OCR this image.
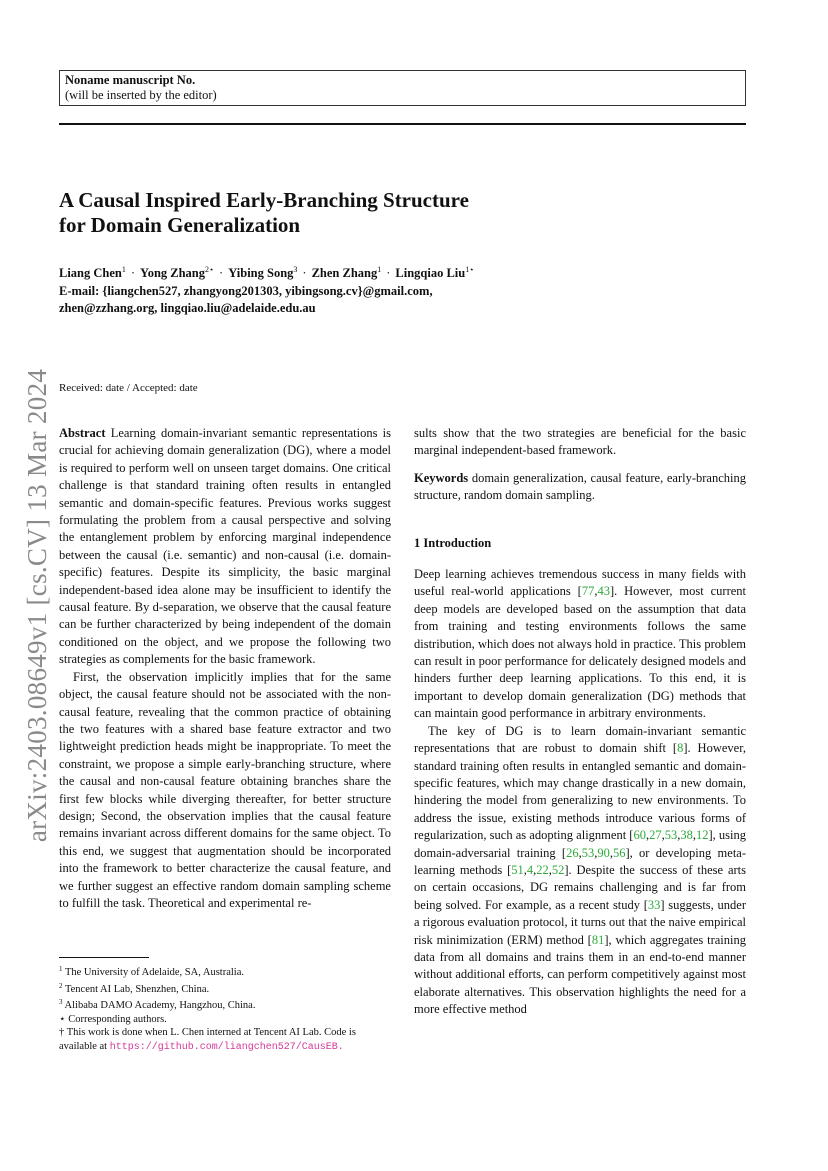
arXiv:2403.08649v1 [cs.CV] 13 Mar 2024
Noname manuscript No.
(will be inserted by the editor)
A Causal Inspired Early-Branching Structure
for Domain Generalization
Liang Chen$^1$ · Yong Zhang$^{2⋆}$ · Yibing Song$^3$ · Zhen Zhang$^1$ · Lingqiao Liu$^{1⋆}$
E-mail: {liangchen527, zhangyong201303, yibingsong.cv}@gmail.com,
zhen@zzhang.org, lingqiao.liu@adelaide.edu.au
Received: date / Accepted: date

Abstract Learning domain-invariant semantic representations is crucial for achieving domain generalization (DG), where a model is required to perform well on unseen target domains. One critical challenge is that standard training often results in entangled semantic and domain-specific features. Previous works suggest formulating the problem from a causal perspective and solving the entanglement problem by enforcing marginal independence between the causal (i.e. semantic) and non-causal (i.e. domain-specific) features. Despite its simplicity, the basic marginal independent-based idea alone may be insufficient to identify the causal feature. By d-separation, we observe that the causal feature can be further characterized by being independent of the domain conditioned on the object, and we propose the following two strategies as complements for the basic framework.

First, the observation implicitly implies that for the same object, the causal feature should not be associated with the non-causal feature, revealing that the common practice of obtaining the two features with a shared base feature extractor and two lightweight prediction heads might be inappropriate. To meet the constraint, we propose a simple early-branching structure, where the causal and non-causal feature obtaining branches share the first few blocks while diverging thereafter, for better structure design; Second, the observation implies that the causal feature remains invariant across different domains for the same object. To this end, we suggest that augmentation should be incorporated into the framework to better characterize the causal feature, and we further suggest an effective random domain sampling scheme to fulfill the task. Theoretical and experimental re-

sults show that the two strategies are beneficial for the basic marginal independent-based framework.

Keywords domain generalization, causal feature, early-branching structure, random domain sampling.

1 Introduction

Deep learning achieves tremendous success in many fields with useful real-world applications [77,43]. However, most current deep models are developed based on the assumption that data from training and testing environments follows the same distribution, which does not always hold in practice. This problem can result in poor performance for delicately designed models and hinders further deep learning applications. To this end, it is important to develop domain generalization (DG) methods that can maintain good performance in arbitrary environments.

The key of DG is to learn domain-invariant semantic representations that are robust to domain shift [8]. However, standard training often results in entangled semantic and domain-specific features, which may change drastically in a new domain, hindering the model from generalizing to new environments. To address the issue, existing methods introduce various forms of regularization, such as adopting alignment [60,27,53,38,12], using domain-adversarial training [26,53,90,56], or developing meta-learning methods [51,4,22,52]. Despite the success of these arts on certain occasions, DG remains challenging and is far from being solved. For example, as a recent study [33] suggests, under a rigorous evaluation protocol, it turns out that the naive empirical risk minimization (ERM) method [81], which aggregates training data from all domains and trains them in an end-to-end manner without additional efforts, can perform competitively against most elaborate alternatives. This observation highlights the need for a more effective method

$^1$ The University of Adelaide, SA, Australia.
$^2$ Tencent AI Lab, Shenzhen, China.
$^3$ Alibaba DAMO Academy, Hangzhou, China.
⋆ Corresponding authors.
† This work is done when L. Chen interned at Tencent AI Lab. Code is available at https://github.com/liangchen527/CausEB.
